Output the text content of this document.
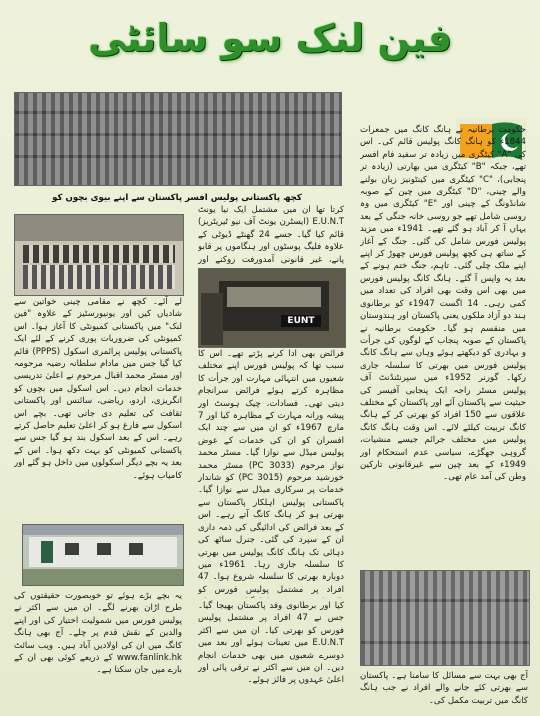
فین لنک سو سائٹی
کچھ پاکستانی پولیس افسر پاکستان سے اپنے بیوی بچوں کو
حکومت برطانیہ نے ہانگ کانگ میں جمعرات 1844ء کو ہانگ کانگ پولیس قائم کی۔ اس کی "A" کیٹگری میں زیادہ تر سفید فام افسر تھے، جبکہ "B" کیٹگری میں بھارتی (زیادہ تر پنجابی)، "C" کیٹگری میں کینٹونیز زبان بولنے والے چینی، "D" کیٹگری میں چین کے صوبہ شانڈونگ کے چینی اور "E" کیٹگری میں وہ روسی شامل تھے جو روسی خانہ جنگی کے بعد یہاں آ کر آباد ہو گئے تھے۔ 1941ء میں مزید پولیس فورس شامل کی گئی۔ جنگ کے آغاز کے ساتھ ہی کچھ پولیس فورس چھوڑ کر اپنے اپنے ملک چلی گئی۔ تاہم، جنگ ختم ہونے کے بعد یہ واپس آ گئے۔ ہانگ کانگ پولیس فورس میں بھی اس وقت بھی افراد کی تعداد میں کمی رہی۔ 14 اگست 1947ء کو برطانوی ہند دو آزاد ملکوں یعنی پاکستان اور ہندوستان میں منقسم ہو گیا۔ حکومت برطانیہ نے پاکستان کے صوبہ پنجاب کے لوگوں کی جرأت و بہادری کو دیکھتے ہوئے وہاں سے ہانگ کانگ پولیس فورس میں بھرتی کا سلسلہ جاری رکھا۔ گورنر 1952ء میں سپرنٹنڈنٹ آف پولیس مسٹر راجہ ایک پنجابی آفیسر کی حیثیت سے پاکستان آئے اور پاکستان کے مختلف علاقوں سے 150 افراد کو بھرتی کر کے ہانگ کانگ تربیت کیلئے لائے۔ اس وقت ہانگ کانگ پولیس میں مختلف جرائم جیسے منشیات، گروہی جھگڑے، سیاسی عدم استحکام اور 1949ء کے بعد چین سے غیرقانونی تارکین وطن کی آمد عام تھی۔
EUNT
کرتا تھا ان میں مشتمل ایک نیا یونٹ E.U.N.T (ایسٹرن یونٹ آف نیو ٹیریٹریز) قائم کیا گیا۔ جسے 24 گھنٹے ڈیوٹی کے علاوہ فلیگ پوسٹوں اور ہنگاموں پر قابو پانے، غیر قانونی آمدورفت روکنے اور
لے آئے۔ کچھ نے مقامی چینی خواتین سے شادیاں کیں اور یونیورسٹیز کے علاوہ "فین لنک" میں پاکستانی کمیونٹی کا آغاز ہوا۔ اس کمیونٹی کی ضروریات پوری کرنے کے لئے ایک پاکستانی پولیس پرائمری اسکول (PPPS) قائم کیا گیا جس میں مادام سلطانہ رضیہ مرحومہ اور مسٹر محمد اقبال مرحوم نے اعلیٰ تدریسی خدمات انجام دیں۔ اس اسکول میں بچوں کو انگریزی، اردو، ریاضی، سائنس اور پاکستانی ثقافت کی تعلیم دی جاتی تھی۔ بچے اس اسکول سے فارغ ہو کر اعلیٰ تعلیم حاصل کرتے رہے۔ اس کے بعد اسکول بند ہو گیا جس سے پاکستانی کمیونٹی کو بہت دکھ ہوا۔ اس کے بعد یہ بچے دیگر اسکولوں میں داخل ہو گئے اور کامیاب ہوئے۔
فرائض بھی ادا کرنے پڑتے تھے۔ اس کا سبب تھا کہ پولیس فورس اپنے مختلف شعبوں میں انتہائی مہارت اور جرأت کا مظاہرہ کرتے ہوئے فرائض سرانجام دیتی تھی۔ فسادات، چیک ہوسٹ اور پیشہ ورانہ مہارت کے مظاہرہ کیا اور 7 مارچ 1967ء کو ان میں سے چند ایک افسران کو ان کی خدمات کے عوض پولیس میڈل سے نوازا گیا۔ مسٹر محمد نواز مرحوم (PC 3033) مسٹر محمد خورشید مرحوم (PC 3015) کو شاندار خدمات پر سرکاری میڈل سے نوازا گیا۔ پاکستانی پولیس اہلکار پاکستان سے بھرتی ہو کر ہانگ کانگ آتے رہے۔ اس کے بعد فرائض کی ادائیگی کی ذمہ داری ان کے سپرد کی گئی۔ جنرل ساٹھ کی دہائی تک ہانگ کانگ پولیس میں بھرتی کا سلسلہ جاری رہا۔ 1961ء میں دوبارہ بھرتی کا سلسلہ شروع ہوا۔ 47 افراد پر مشتمل پولیس فورس کو
یہ بچے بڑے ہوئے تو خوبصورت حقیقتوں کی طرح اڑان بھرنے لگے۔ ان میں سے اکثر نے پولیس فورس میں شمولیت اختیار کی اور اپنے والدین کے نقش قدم پر چلے۔ آج بھی ہانگ کانگ میں ان کی اولادیں آباد ہیں۔ ویب سائٹ www.fanlink.hk کے ذریعے کوئی بھی ان کے بارے میں جان سکتا ہے۔
کیا اور برطانوی وفد پاکستان بھیجا گیا۔ جس نے 47 افراد پر مشتمل پولیس فورس کو بھرتی کیا۔ ان میں سے اکثر E.U.N.T میں تعینات ہوئے اور بعد میں دوسرے شعبوں میں بھی خدمات انجام دیں۔ ان میں سے اکثر نے ترقی پائی اور اعلیٰ عہدوں پر فائز ہوئے۔ آج بھی بہت سے مسائل کا سامنا ہے۔ پاکستان سے بھرتی کئے جانے والے افراد نے جب ہانگ کانگ میں تربیت مکمل کی۔
